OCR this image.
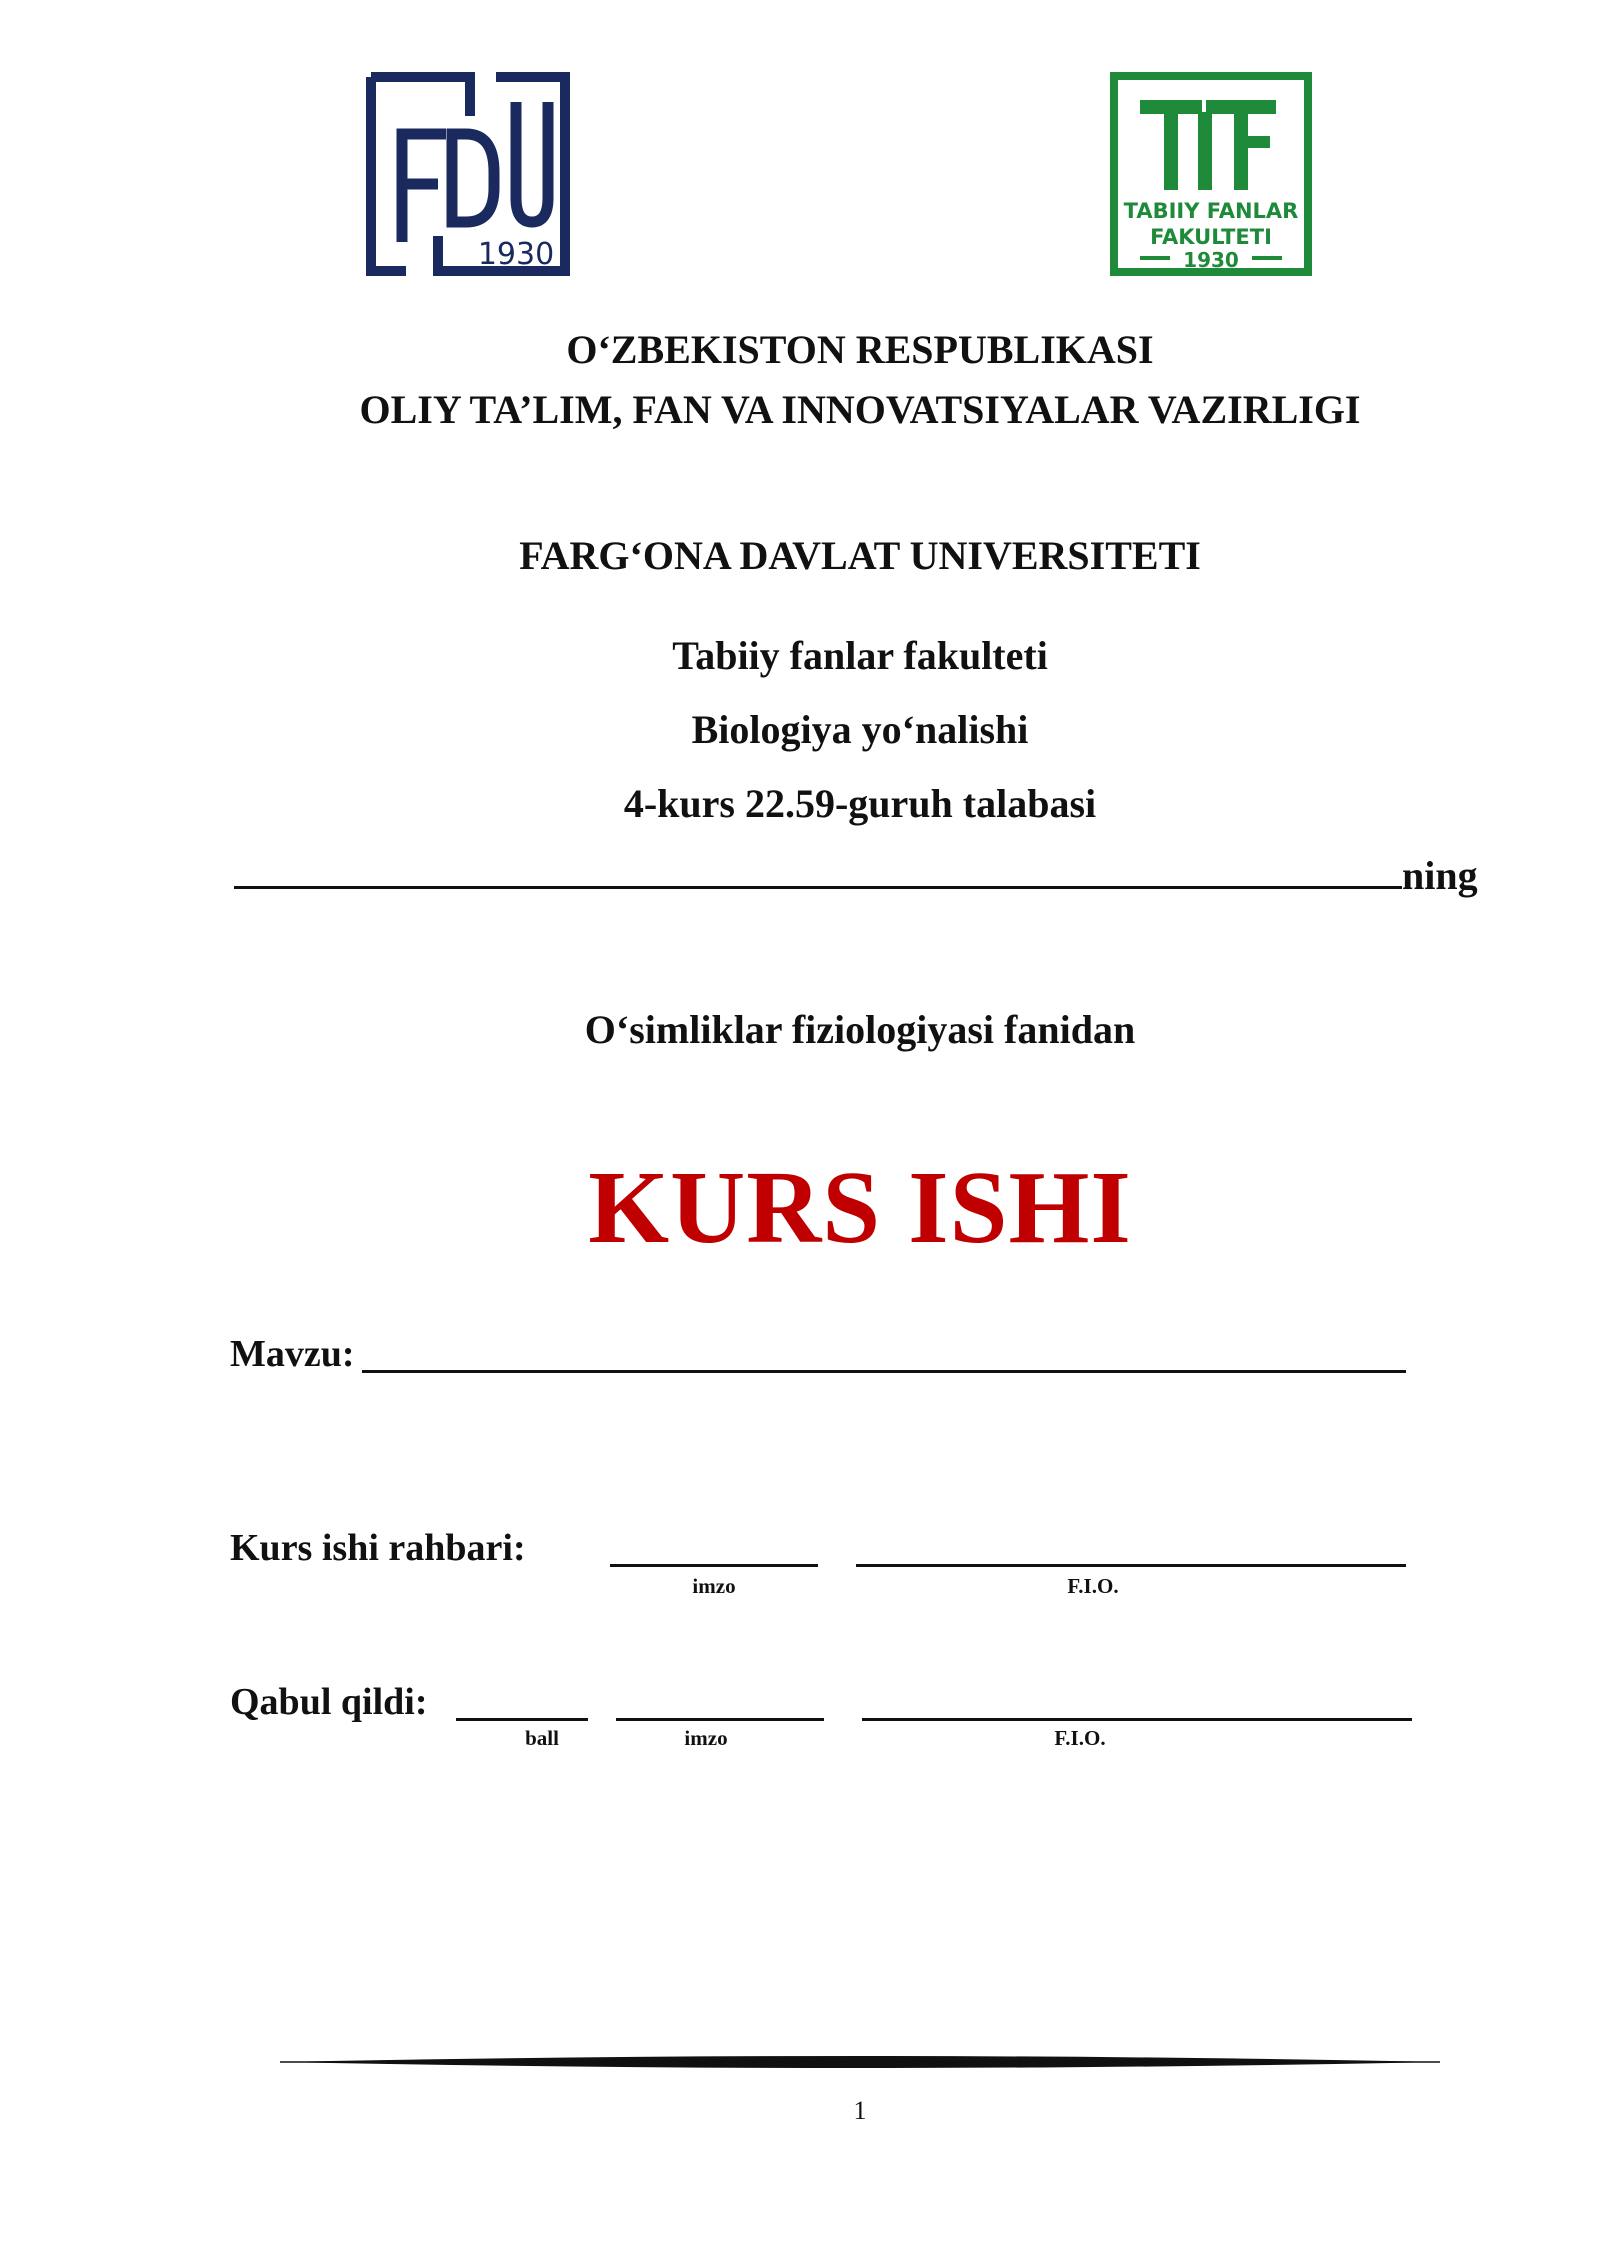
1930
TABIIY FANLAR
FAKULTETI
1930
O‘ZBEKISTON RESPUBLIKASI
OLIY TA’LIM, FAN VA INNOVATSIYALAR VAZIRLIGI
FARG‘ONA DAVLAT UNIVERSITETI
Tabiiy fanlar fakulteti
Biologiya yo‘nalishi
4-kurs 22.59-guruh talabasi
ning
O‘simliklar fiziologiyasi fanidan
KURS ISHI
Mavzu:
Kurs ishi rahbari:
imzo	F.I.O.
Qabul qildi:
ball	imzo	F.I.O.
1
